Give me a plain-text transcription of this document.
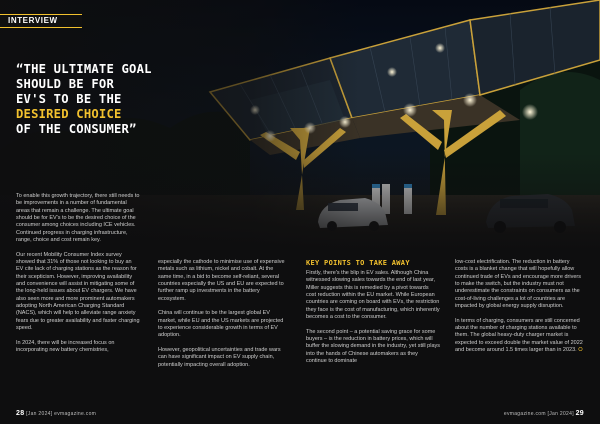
INTERVIEW
“THE ULTIMATE GOAL
SHOULD BE FOR
EV'S TO BE THE
DESIRED CHOICE
OF THE CONSUMER”

To enable this growth trajectory, there still needs to be improvements in a number of fundamental areas that remain a challenge. The ultimate goal should be for EV's to be the desired choice of the consumer among choices including ICE vehicles. Continued progress in charging infrastructure, range, choice and cost remain key.

Our recent Mobility Consumer Index survey showed that 31% of those not looking to buy an EV cite lack of charging stations as the reason for their scepticism. However, improving availability and convenience will assist in mitigating some of the long-held issues about EV chargers. We have also seen more and more prominent automakers adopting North American Charging Standard (NACS), which will help to alleviate range anxiety fears due to greater availability and faster charging speed.

In 2024, there will be increased focus on incorporating new battery chemistries,

especially the cathode to minimise use of expensive metals such as lithium, nickel and cobalt. At the same time, in a bid to become self-reliant, several countries especially the US and EU are expected to further ramp up investments in the battery ecosystem.

China will continue to be the largest global EV market, while EU and the US markets are projected to experience considerable growth in terms of EV adoption.

However, geopolitical uncertainties and trade wars can have significant impact on EV supply chain, potentially impacting overall adoption.

KEY POINTS TO TAKE AWAY

Firstly, there's the blip in EV sales. Although China witnessed slowing sales towards the end of last year, Miller suggests this is remedied by a pivot towards cost reduction within the EU market. While European countries are coming on board with EVs, the restriction they face is the cost of manufacturing, which inherently becomes a cost to the consumer.

The second point – a potential saving grace for some buyers – is the reduction in battery prices, which will buffer the slowing demand in the industry, yet still plays into the hands of Chinese automakers as they continue to dominate

low-cost electrification. The reduction in battery costs is a blanket change that will hopefully allow continued trade of EVs and encourage more drivers to make the switch, but the industry must not underestimate the constraints on consumers as the cost-of-living challenges a lot of countries are impacted by global energy supply disruption.

In terms of charging, consumers are still concerned about the number of charging stations available to them. The global heavy-duty charger market is expected to exceed double the market value of 2022 and become around 1.5 times larger than in 2023. ⭘

28 [Jan 2024] evmagazine.com	evmagazine.com [Jan 2024] 29
